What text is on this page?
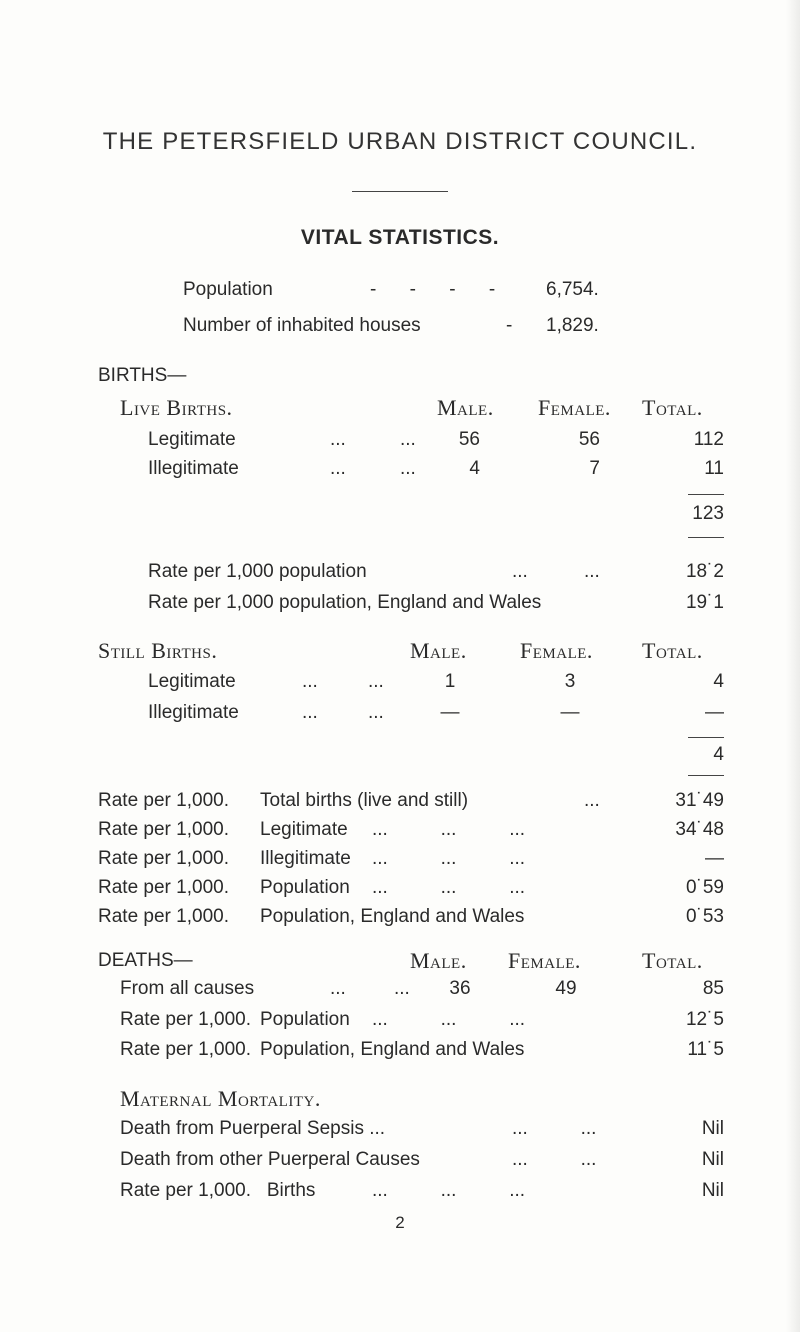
THE PETERSFIELD URBAN DISTRICT COUNCIL.
VITAL STATISTICS.
Population	- - - - 6,754.
Number of inhabited houses	- 1,829.
BIRTHS—
Live Births.	Male. Female. Total.
Legitimate	...	...	56	56	112
Illegitimate	...	...	4	7	11
123
Rate per 1,000 population	...	...	18˙2
Rate per 1,000 population, England and Wales	19˙1
Still Births.	Male. Female. Total.
Legitimate	...	...	1	3	4
Illegitimate	...	...	—	—	—
4
Rate per 1,000. Total births (live and still)	...	31˙49
Rate per 1,000. Legitimate ...          ...          ...	34˙48
Rate per 1,000. Illegitimate ...          ...          ...	—
Rate per 1,000. Population ...          ...          ...	0˙59
Rate per 1,000. Population, England and Wales	0˙53
DEATHS—	Male. Female.	Total.
From all causes	...	...	36	49	85
Rate per 1,000. Population ...          ...          ...	12˙5
Rate per 1,000. Population, England and Wales	11˙5
Maternal Mortality.
Death from Puerperal Sepsis ...	...          ...	Nil
Death from other Puerperal Causes	...          ...	Nil
Rate per 1,000.   Births	...          ...          ...	Nil
2
